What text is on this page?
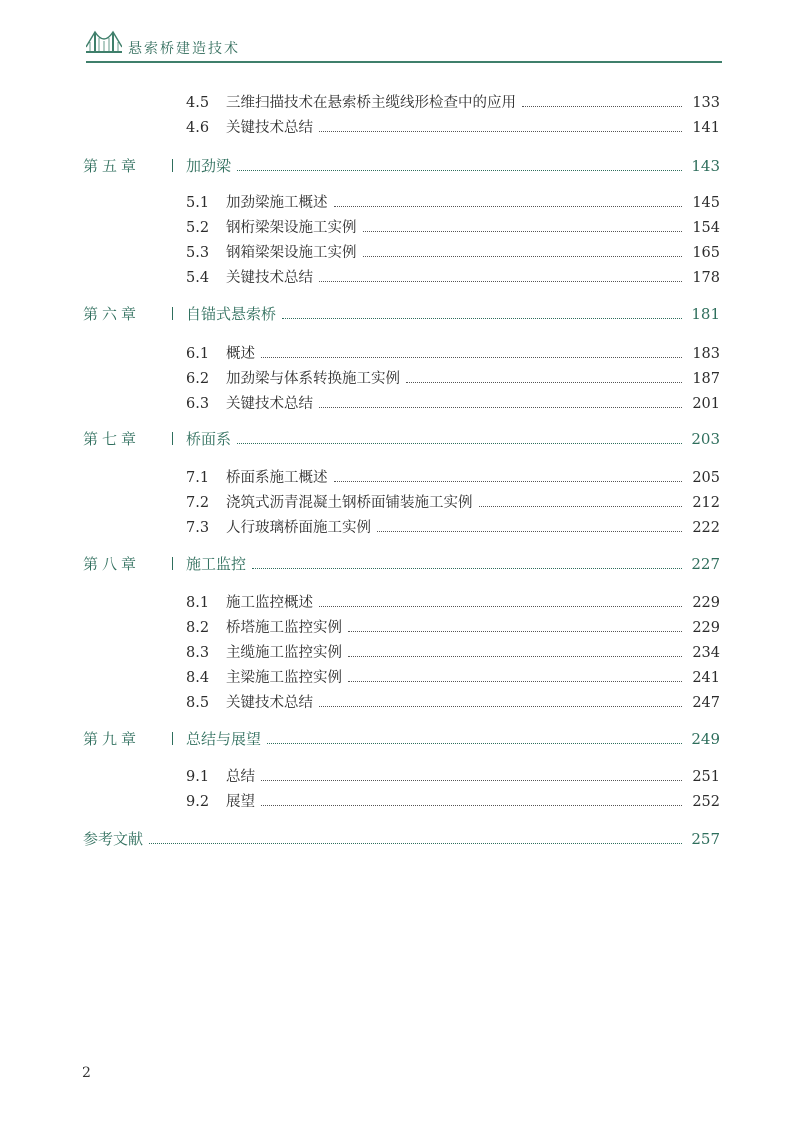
悬索桥建造技术
4.5	三维扫描技术在悬索桥主缆线形检查中的应用	133
4.6	关键技术总结	141
第五章	加劲梁	143
5.1	加劲梁施工概述	145
5.2	钢桁梁架设施工实例	154
5.3	钢箱梁架设施工实例	165
5.4	关键技术总结	178
第六章	自锚式悬索桥	181
6.1	概述	183
6.2	加劲梁与体系转换施工实例	187
6.3	关键技术总结	201
第七章	桥面系	203
7.1	桥面系施工概述	205
7.2	浇筑式沥青混凝土钢桥面铺装施工实例	212
7.3	人行玻璃桥面施工实例	222
第八章	施工监控	227
8.1	施工监控概述	229
8.2	桥塔施工监控实例	229
8.3	主缆施工监控实例	234
8.4	主梁施工监控实例	241
8.5	关键技术总结	247
第九章	总结与展望	249
9.1	总结	251
9.2	展望	252
参考文献	257
2
